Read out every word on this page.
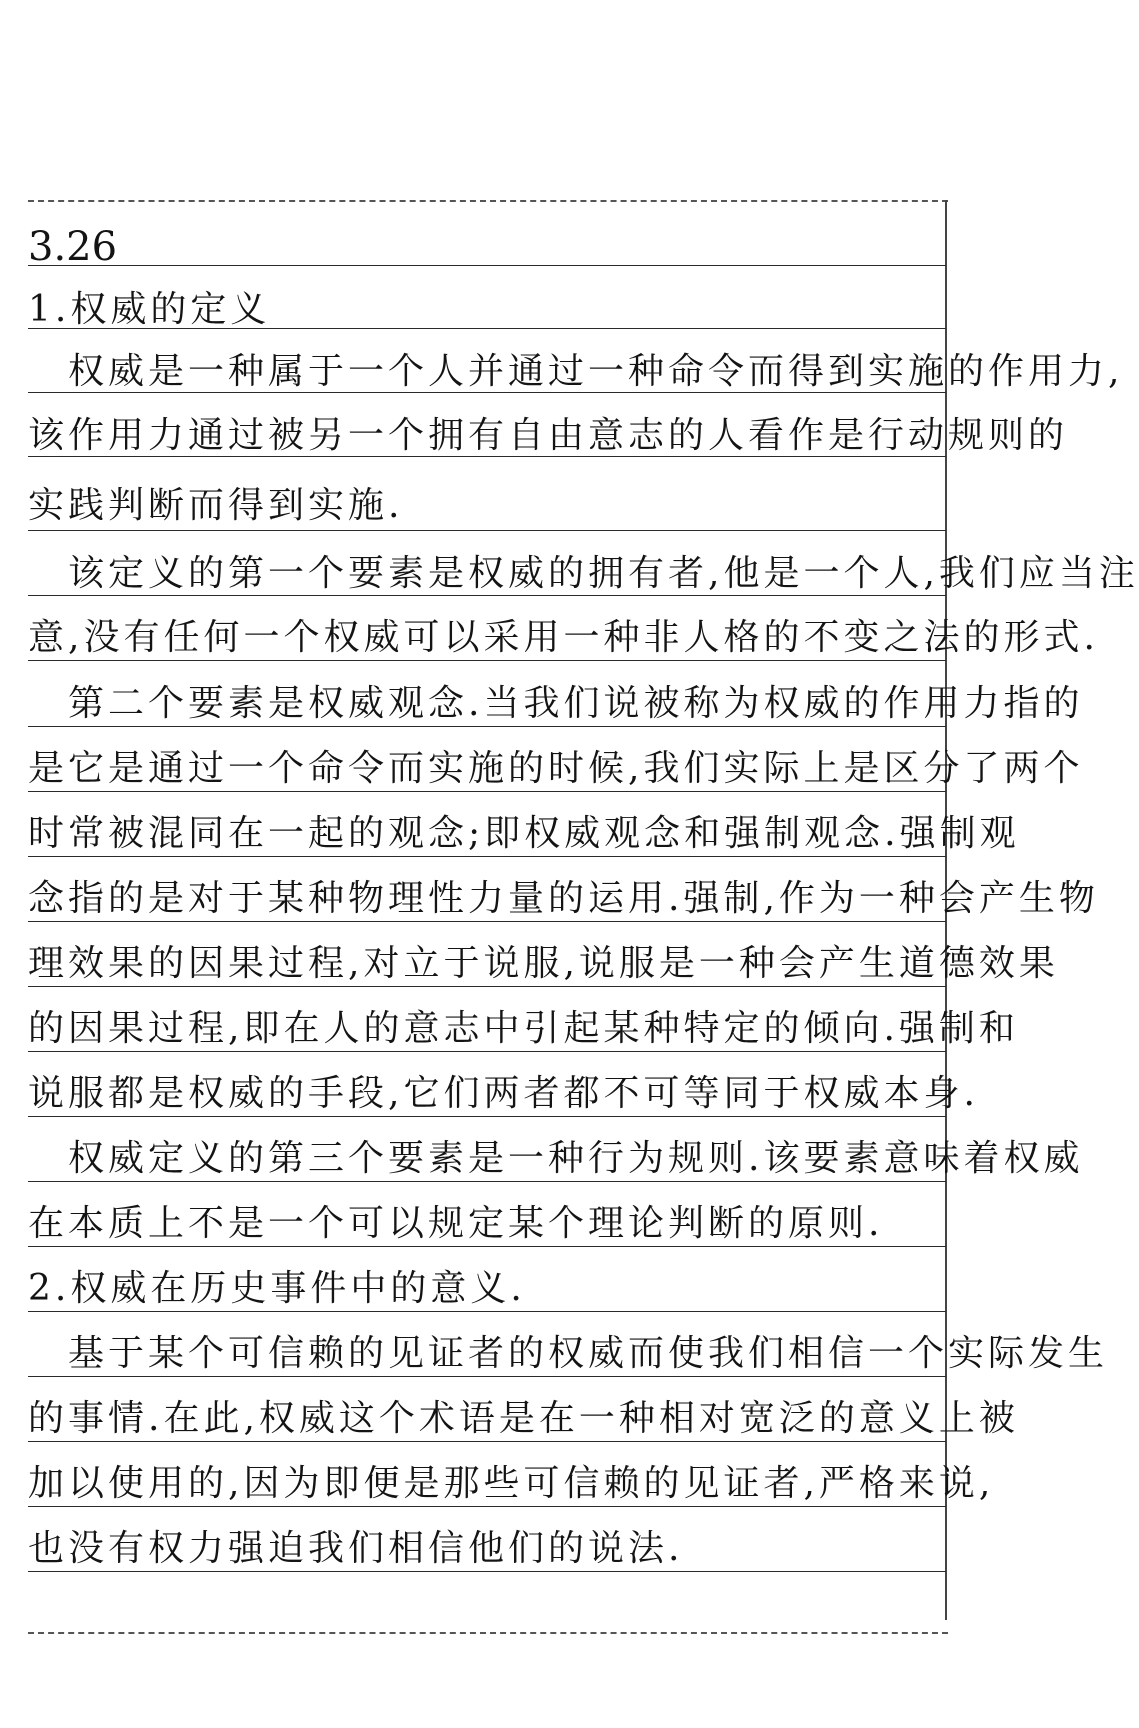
3.26
1.权威的定义
权威是一种属于一个人并通过一种命令而得到实施的作用力,
该作用力通过被另一个拥有自由意志的人看作是行动规则的
实践判断而得到实施.
该定义的第一个要素是权威的拥有者,他是一个人,我们应当注
意,没有任何一个权威可以采用一种非人格的不变之法的形式.
第二个要素是权威观念.当我们说被称为权威的作用力指的
是它是通过一个命令而实施的时候,我们实际上是区分了两个
时常被混同在一起的观念;即权威观念和强制观念.强制观
念指的是对于某种物理性力量的运用.强制,作为一种会产生物
理效果的因果过程,对立于说服,说服是一种会产生道德效果
的因果过程,即在人的意志中引起某种特定的倾向.强制和
说服都是权威的手段,它们两者都不可等同于权威本身.
权威定义的第三个要素是一种行为规则.该要素意味着权威
在本质上不是一个可以规定某个理论判断的原则.
2.权威在历史事件中的意义.
基于某个可信赖的见证者的权威而使我们相信一个实际发生
的事情.在此,权威这个术语是在一种相对宽泛的意义上被
加以使用的,因为即便是那些可信赖的见证者,严格来说,
也没有权力强迫我们相信他们的说法.
